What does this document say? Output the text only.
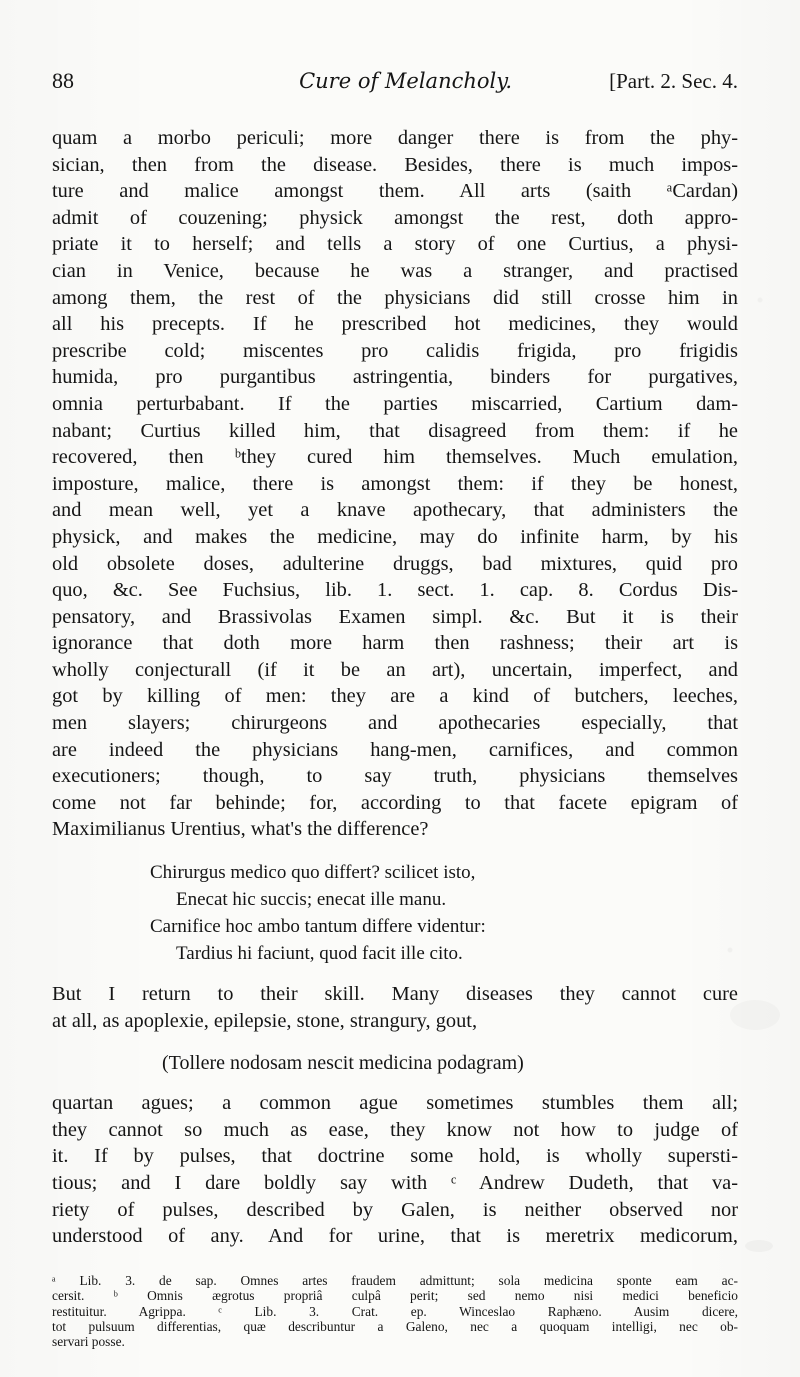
88	Cure of Melancholy.	[Part. 2. Sec. 4.
quam a morbo periculi; more danger there is from the phy-
sician, then from the disease. Besides, there is much impos-
ture and malice amongst them. All arts (saith ᵃCardan)
admit of couzening; physick amongst the rest, doth appro-
priate it to herself; and tells a story of one Curtius, a physi-
cian in Venice, because he was a stranger, and practised
among them, the rest of the physicians did still crosse him in
all his precepts. If he prescribed hot medicines, they would
prescribe cold; miscentes pro calidis frigida, pro frigidis
humida, pro purgantibus astringentia, binders for purgatives,
omnia perturbabant. If the parties miscarried, Cartium dam-
nabant; Curtius killed him, that disagreed from them: if he
recovered, then ᵇthey cured him themselves. Much emulation,
imposture, malice, there is amongst them: if they be honest,
and mean well, yet a knave apothecary, that administers the
physick, and makes the medicine, may do infinite harm, by his
old obsolete doses, adulterine druggs, bad mixtures, quid pro
quo, &c. See Fuchsius, lib. 1. sect. 1. cap. 8. Cordus Dis-
pensatory, and Brassivolas Examen simpl. &c. But it is their
ignorance that doth more harm then rashness; their art is
wholly conjecturall (if it be an art), uncertain, imperfect, and
got by killing of men: they are a kind of butchers, leeches,
men slayers; chirurgeons and apothecaries especially, that
are indeed the physicians hang-men, carnifices, and common
executioners; though, to say truth, physicians themselves
come not far behinde; for, according to that facete epigram of
Maximilianus Urentius, what's the difference?
Chirurgus medico quo differt? scilicet isto,
Enecat hic succis; enecat ille manu.
Carnifice hoc ambo tantum differe videntur:
Tardius hi faciunt, quod facit ille cito.
But I return to their skill. Many diseases they cannot cure
at all, as apoplexie, epilepsie, stone, strangury, gout,
(Tollere nodosam nescit medicina podagram)
quartan agues; a common ague sometimes stumbles them all;
they cannot so much as ease, they know not how to judge of
it. If by pulses, that doctrine some hold, is wholly supersti-
tious; and I dare boldly say with ᶜ Andrew Dudeth, that va-
riety of pulses, described by Galen, is neither observed nor
understood of any. And for urine, that is meretrix medicorum,
ᵃ Lib. 3. de sap. Omnes artes fraudem admittunt; sola medicina sponte eam ac-
cersit. ᵇ Omnis ægrotus propriâ culpâ perit; sed nemo nisi medici beneficio
restituitur. Agrippa. ᶜ Lib. 3. Crat. ep. Winceslao Raphæno. Ausim dicere,
tot pulsuum differentias, quæ describuntur a Galeno, nec a quoquam intelligi, nec ob-
servari posse.
